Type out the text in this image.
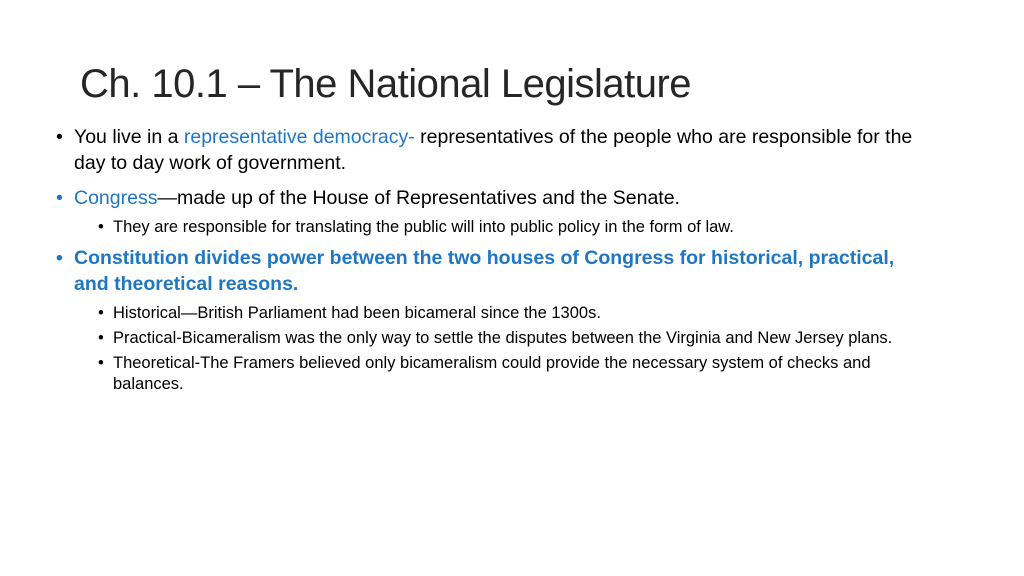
Ch. 10.1 – The National Legislature
• You live in a representative democracy- representatives of the people who are responsible for the day to day work of government.
• Congress—made up of the House of Representatives and the Senate.
• They are responsible for translating the public will into public policy in the form of law.
• Constitution divides power between the two houses of Congress for historical, practical, and theoretical reasons.
• Historical—British Parliament had been bicameral since the 1300s.
• Practical-Bicameralism was the only way to settle the disputes between the Virginia and New Jersey plans.
• Theoretical-The Framers believed only bicameralism could provide the necessary system of checks and balances.
